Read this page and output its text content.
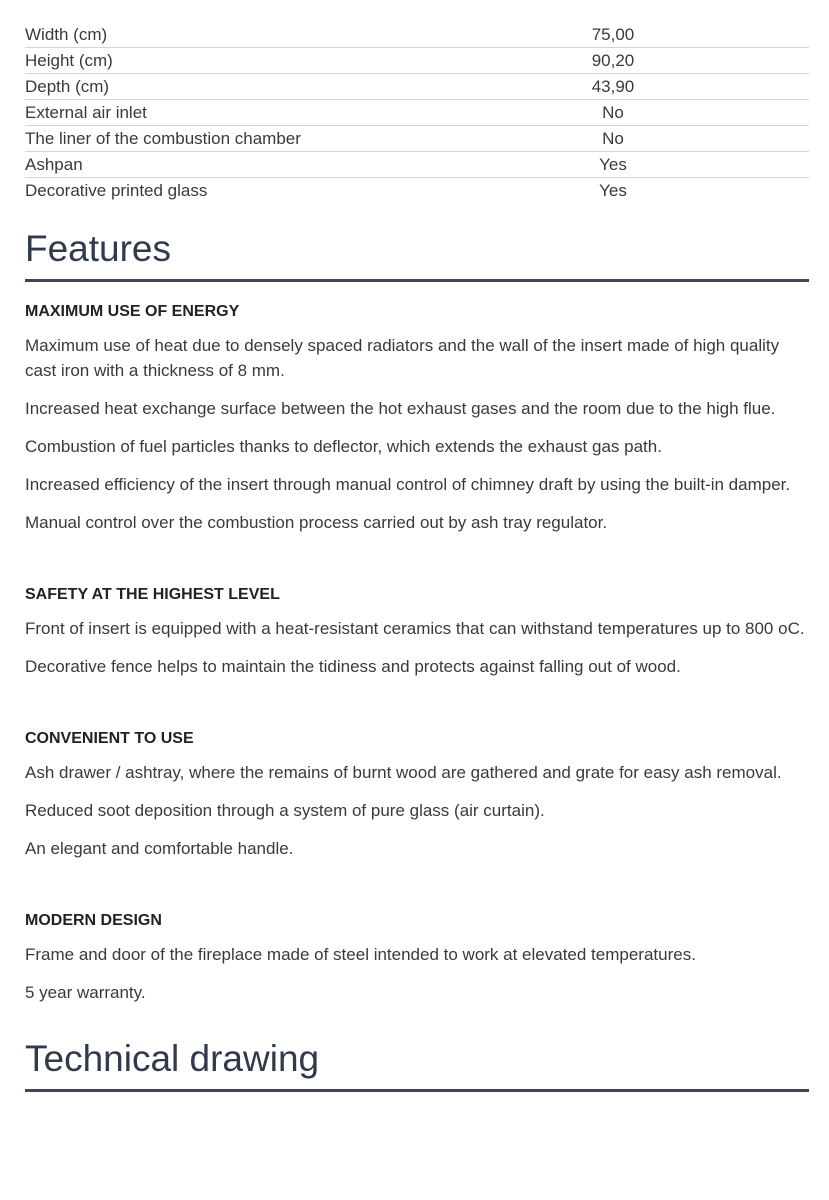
Width (cm)	75,00	
Height (cm)	90,20	
Depth (cm)	43,90	
External air inlet	No	
The liner of the combustion chamber	No	
Ashpan	Yes	
Decorative printed glass	Yes	
Features

MAXIMUM USE OF ENERGY

Maximum use of heat due to densely spaced radiators and the wall of the insert made of high quality cast iron with a thickness of 8 mm.

Increased heat exchange surface between the hot exhaust gases and the room due to the high flue.

Combustion of fuel particles thanks to deflector, which extends the exhaust gas path.

Increased efficiency of the insert through manual control of chimney draft by using the built-in damper.

Manual control over the combustion process carried out by ash tray regulator.

SAFETY AT THE HIGHEST LEVEL

Front of insert is equipped with a heat-resistant ceramics that can withstand temperatures up to 800 oC.

Decorative fence helps to maintain the tidiness and protects against falling out of wood.

CONVENIENT TO USE

Ash drawer / ashtray, where the remains of burnt wood are gathered and grate for easy ash removal.

Reduced soot deposition through a system of pure glass (air curtain).

An elegant and comfortable handle.

MODERN DESIGN

Frame and door of the fireplace made of steel intended to work at elevated temperatures.

5 year warranty.

Technical drawing
